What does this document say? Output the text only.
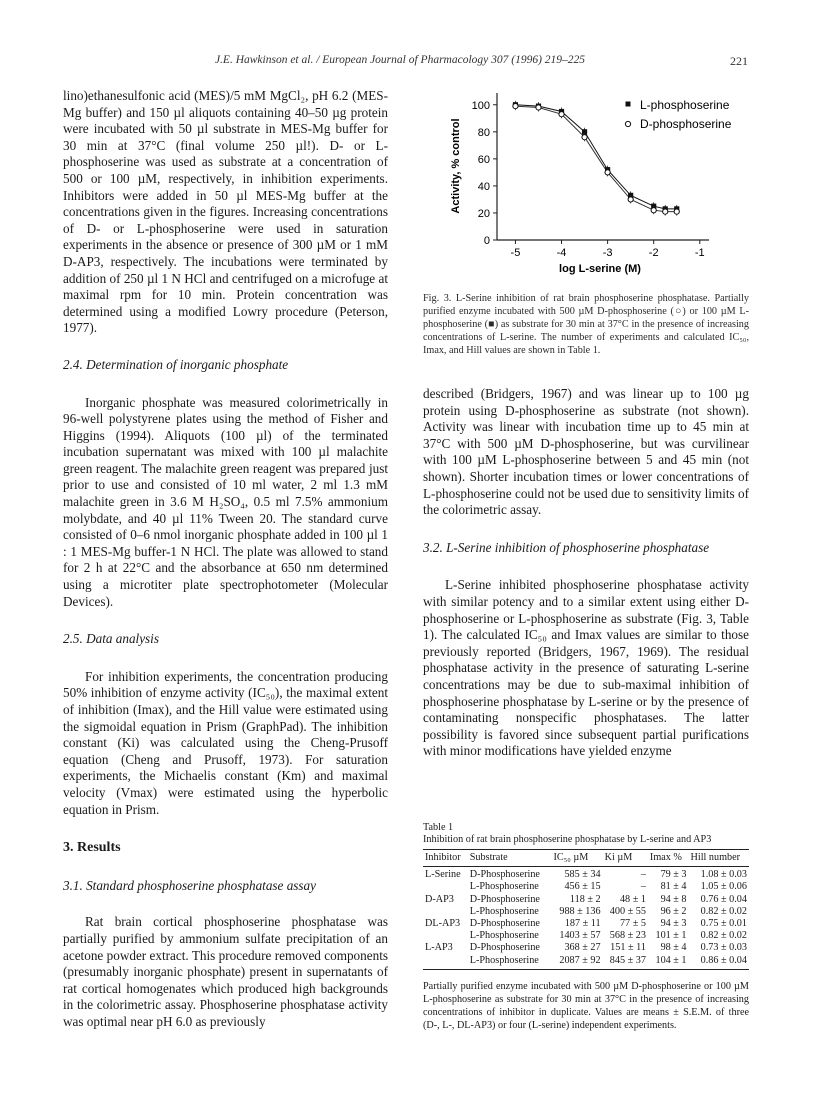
J.E. Hawkinson et al. / European Journal of Pharmacology 307 (1996) 219–225	221

lino)ethanesulfonic acid (MES)/5 mM MgCl₂, pH 6.2 (MES-Mg buffer) and 150 µl aliquots containing 40–50 µg protein were incubated with 50 µl substrate in MES-Mg buffer for 30 min at 37°C (final volume 250 µl!). D- or L-phosphoserine was used as substrate at a concentration of 500 or 100 µM, respectively, in inhibition experiments. Inhibitors were added in 50 µl MES-Mg buffer at the concentrations given in the figures. Increasing concentrations of D- or L-phosphoserine were used in saturation experiments in the absence or presence of 300 µM or 1 mM D-AP3, respectively. The incubations were terminated by addition of 250 µl 1 N HCl and centrifuged on a microfuge at maximal rpm for 10 min. Protein concentration was determined using a modified Lowry procedure (Peterson, 1977).

2.4. Determination of inorganic phosphate

Inorganic phosphate was measured colorimetrically in 96-well polystyrene plates using the method of Fisher and Higgins (1994). Aliquots (100 µl) of the terminated incubation supernatant was mixed with 100 µl malachite green reagent. The malachite green reagent was prepared just prior to use and consisted of 10 ml water, 2 ml 1.3 mM malachite green in 3.6 M H₂SO₄, 0.5 ml 7.5% ammonium molybdate, and 40 µl 11% Tween 20. The standard curve consisted of 0–6 nmol inorganic phosphate added in 100 µl 1 : 1 MES-Mg buffer-1 N HCl. The plate was allowed to stand for 2 h at 22°C and the absorbance at 650 nm determined using a microtiter plate spectrophotometer (Molecular Devices).

2.5. Data analysis

For inhibition experiments, the concentration producing 50% inhibition of enzyme activity (IC₅₀), the maximal extent of inhibition (Imax), and the Hill value were estimated using the sigmoidal equation in Prism (GraphPad). The inhibition constant (Ki) was calculated using the Cheng-Prusoff equation (Cheng and Prusoff, 1973). For saturation experiments, the Michaelis constant (Km) and maximal velocity (Vmax) were estimated using the hyperbolic equation in Prism.

3. Results

3.1. Standard phosphoserine phosphatase assay

Rat brain cortical phosphoserine phosphatase was partially purified by ammonium sulfate precipitation of an acetone powder extract. This procedure removed components (presumably inorganic phosphate) present in supernatants of rat cortical homogenates which produced high backgrounds in the colorimetric assay. Phosphoserine phosphatase activity was optimal near pH 6.0 as previously

0
20
40
60
80
100
-5	-4	-3	-2	-1
Activity, % control
log L-serine (M)
L-phosphoserine
D-phosphoserine
Fig. 3. L-Serine inhibition of rat brain phosphoserine phosphatase. Partially purified enzyme incubated with 500 µM D-phosphoserine (○) or 100 µM L-phosphoserine (■) as substrate for 30 min at 37°C in the presence of increasing concentrations of L-serine. The number of experiments and calculated IC₅₀, Imax, and Hill values are shown in Table 1.

described (Bridgers, 1967) and was linear up to 100 µg protein using D-phosphoserine as substrate (not shown). Activity was linear with incubation time up to 45 min at 37°C with 500 µM D-phosphoserine, but was curvilinear with 100 µM L-phosphoserine between 5 and 45 min (not shown). Shorter incubation times or lower concentrations of L-phosphoserine could not be used due to sensitivity limits of the colorimetric assay.

3.2. L-Serine inhibition of phosphoserine phosphatase

L-Serine inhibited phosphoserine phosphatase activity with similar potency and to a similar extent using either D-phosphoserine or L-phosphoserine as substrate (Fig. 3, Table 1). The calculated IC₅₀ and Imax values are similar to those previously reported (Bridgers, 1967, 1969). The residual phosphatase activity in the presence of saturating L-serine concentrations may be due to sub-maximal inhibition of phosphoserine phosphatase by L-serine or by the presence of contaminating nonspecific phosphatases. The latter possibility is favored since subsequent partial purifications with minor modifications have yielded enzyme

Table 1
Inhibition of rat brain phosphoserine phosphatase by L-serine and AP3
Inhibitor	Substrate	IC₅₀ µM	Ki µM	Imax %	Hill number
L-Serine	D-Phosphoserine	585 ± 34	–	79 ± 3	1.08 ± 0.03
	L-Phosphoserine	456 ± 15	–	81 ± 4	1.05 ± 0.06
D-AP3	D-Phosphoserine	118 ± 2	48 ± 1	94 ± 8	0.76 ± 0.04
	L-Phosphoserine	988 ± 136	400 ± 55	96 ± 2	0.82 ± 0.02
DL-AP3	D-Phosphoserine	187 ± 11	77 ± 5	94 ± 3	0.75 ± 0.01
	L-Phosphoserine	1403 ± 57	568 ± 23	101 ± 1	0.82 ± 0.02
L-AP3	D-Phosphoserine	368 ± 27	151 ± 11	98 ± 4	0.73 ± 0.03
	L-Phosphoserine	2087 ± 92	845 ± 37	104 ± 1	0.86 ± 0.04
Partially purified enzyme incubated with 500 µM D-phosphoserine or 100 µM L-phosphoserine as substrate for 30 min at 37°C in the presence of increasing concentrations of inhibitor in duplicate. Values are means ± S.E.M. of three (D-, L-, DL-AP3) or four (L-serine) independent experiments.
